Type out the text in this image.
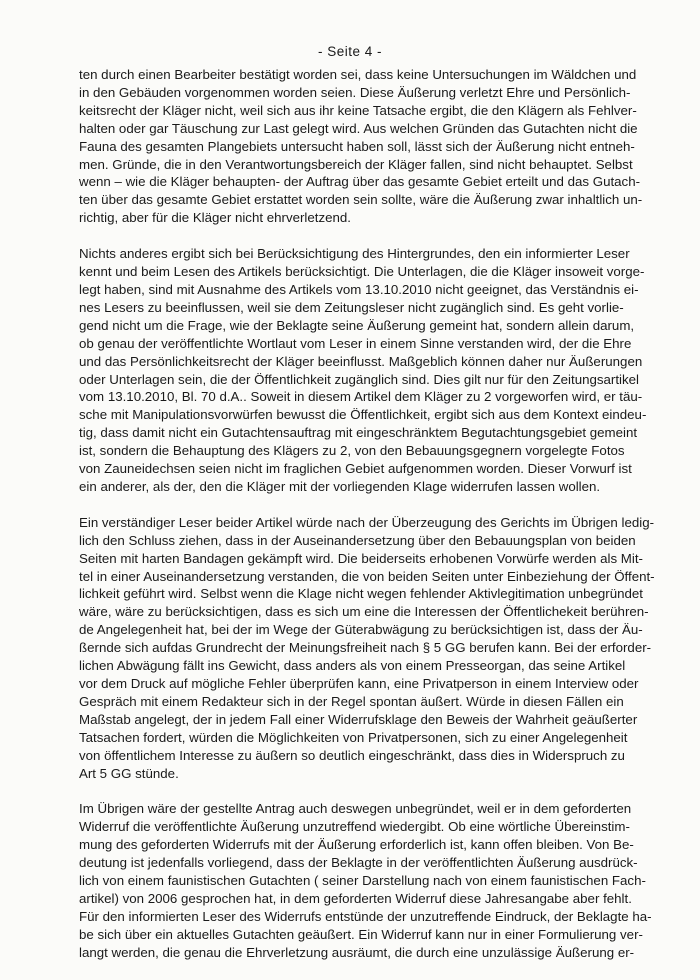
- Seite 4 -
ten durch einen Bearbeiter bestätigt worden sei, dass keine Untersuchungen im Wäldchen und
in den Gebäuden vorgenommen worden seien. Diese Äußerung verletzt Ehre und Persönlich-
keitsrecht der Kläger nicht, weil sich aus ihr keine Tatsache ergibt, die den Klägern als Fehlver-
halten oder gar Täuschung zur Last gelegt wird. Aus welchen Gründen das Gutachten nicht die
Fauna des gesamten Plangebiets untersucht haben soll, lässt sich der Äußerung nicht entneh-
men. Gründe, die in den Verantwortungsbereich der Kläger fallen, sind nicht behauptet. Selbst
wenn – wie die Kläger behaupten- der Auftrag über das gesamte Gebiet erteilt und das Gutach-
ten über das gesamte Gebiet erstattet worden sein sollte, wäre die Äußerung zwar inhaltlich un-
richtig, aber für die Kläger nicht ehrverletzend.
Nichts anderes ergibt sich bei Berücksichtigung des Hintergrundes, den ein informierter Leser
kennt und beim Lesen des Artikels berücksichtigt. Die Unterlagen, die die Kläger insoweit vorge-
legt haben, sind mit Ausnahme des Artikels vom 13.10.2010 nicht geeignet, das Verständnis ei-
nes Lesers zu beeinflussen, weil sie dem Zeitungsleser nicht zugänglich sind. Es geht vorlie-
gend nicht um die Frage, wie der Beklagte seine Äußerung gemeint hat, sondern allein darum,
ob genau der veröffentlichte Wortlaut vom Leser in einem Sinne verstanden wird, der die Ehre
und das Persönlichkeitsrecht der Kläger beeinflusst. Maßgeblich können daher nur Äußerungen
oder Unterlagen sein, die der Öffentlichkeit zugänglich sind. Dies gilt nur für den Zeitungsartikel
vom 13.10.2010, Bl. 70 d.A.. Soweit in diesem Artikel dem Kläger zu 2 vorgeworfen wird, er täu-
sche mit Manipulationsvorwürfen bewusst die Öffentlichkeit, ergibt sich aus dem Kontext eindeu-
tig, dass damit nicht ein Gutachtensauftrag mit eingeschränktem Begutachtungsgebiet gemeint
ist, sondern die Behauptung des Klägers zu 2, von den Bebauungsgegnern vorgelegte Fotos
von Zauneidechsen seien nicht im fraglichen Gebiet aufgenommen worden. Dieser Vorwurf ist
ein anderer, als der, den die Kläger mit der vorliegenden Klage widerrufen lassen wollen.
Ein verständiger Leser beider Artikel würde nach der Überzeugung des Gerichts im Übrigen ledig-
lich den Schluss ziehen, dass in der Auseinandersetzung über den Bebauungsplan von beiden
Seiten mit harten Bandagen gekämpft wird. Die beiderseits erhobenen Vorwürfe werden als Mit-
tel in einer Auseinandersetzung verstanden, die von beiden Seiten unter Einbeziehung der Öffent-
lichkeit geführt wird. Selbst wenn die Klage nicht wegen fehlender Aktivlegitimation unbegründet
wäre, wäre zu berücksichtigen, dass es sich um eine die Interessen der Öffentlichekeit berühren-
de Angelegenheit hat, bei der im Wege der Güterabwägung zu berücksichtigen ist, dass der Äu-
ßernde sich aufdas Grundrecht der Meinungsfreiheit nach § 5 GG berufen kann. Bei der erforder-
lichen Abwägung fällt ins Gewicht, dass anders als von einem Presseorgan, das seine Artikel
vor dem Druck auf mögliche Fehler überprüfen kann, eine Privatperson in einem Interview oder
Gespräch mit einem Redakteur sich in der Regel spontan äußert. Würde in diesen Fällen ein
Maßstab angelegt, der in jedem Fall einer Widerrufsklage den Beweis der Wahrheit geäußerter
Tatsachen fordert, würden die Möglichkeiten von Privatpersonen, sich zu einer Angelegenheit
von öffentlichem Interesse zu äußern so deutlich eingeschränkt, dass dies in Widerspruch zu
Art 5 GG stünde.
Im Übrigen wäre der gestellte Antrag auch deswegen unbegründet, weil er in dem geforderten
Widerruf die veröffentlichte Äußerung unzutreffend wiedergibt. Ob eine wörtliche Übereinstim-
mung des geforderten Widerrufs mit der Äußerung erforderlich ist, kann offen bleiben. Von Be-
deutung ist jedenfalls vorliegend, dass der Beklagte in der veröffentlichten Äußerung ausdrück-
lich von einem faunistischen Gutachten ( seiner Darstellung nach von einem faunistischen Fach-
artikel) von 2006 gesprochen hat, in dem geforderten Widerruf diese Jahresangabe aber fehlt.
Für den informierten Leser des Widerrufs entstünde der unzutreffende Eindruck, der Beklagte ha-
be sich über ein aktuelles Gutachten geäußert. Ein Widerruf kann nur in einer Formulierung ver-
langt werden, die genau die Ehrverletzung ausräumt, die durch eine unzulässige Äußerung er-
